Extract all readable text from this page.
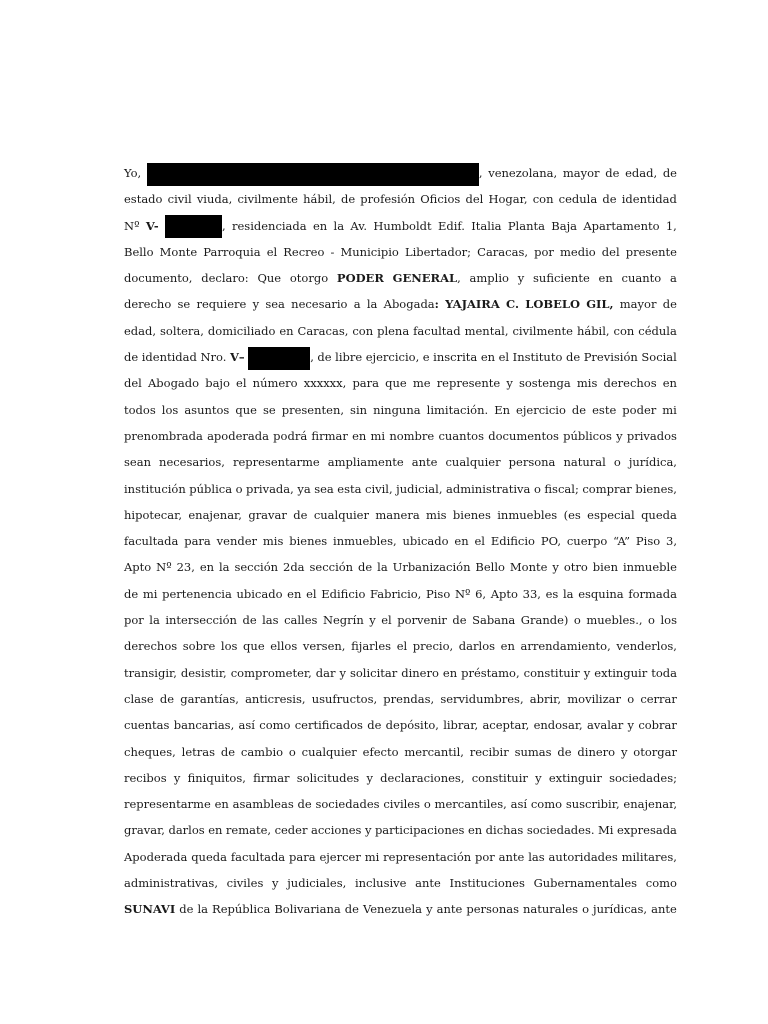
Yo,	, venezolana, mayor de edad, de
estado civil viuda, civilmente hábil, de profesión Oficios del Hogar, con cedula de identidad
Nº V-	, residenciada en la Av. Humboldt Edif. Italia Planta Baja Apartamento 1,
Bello Monte Parroquia el Recreo - Municipio Libertador; Caracas, por medio del presente
documento, declaro: Que otorgo PODER GENERAL, amplio y suficiente en cuanto a
derecho se requiere y sea necesario a la Abogada: YAJAIRA C. LOBELO GIL, mayor de
edad, soltera, domiciliado en Caracas, con plena facultad mental, civilmente hábil, con cédula
de identidad Nro. V–	, de libre ejercicio, e inscrita en el Instituto de Previsión Social
del Abogado bajo el número xxxxxx, para que me represente y sostenga mis derechos en
todos los asuntos que se presenten, sin ninguna limitación. En ejercicio de este poder mi
prenombrada apoderada podrá firmar en mi nombre cuantos documentos públicos y privados
sean necesarios, representarme ampliamente ante cualquier persona natural o jurídica,
institución pública o privada, ya sea esta civil, judicial, administrativa o fiscal; comprar bienes,
hipotecar, enajenar, gravar de cualquier manera mis bienes inmuebles (es especial queda
facultada para vender mis bienes inmuebles, ubicado en el Edificio PO, cuerpo “A” Piso 3,
Apto Nº 23, en la sección 2da sección de la Urbanización Bello Monte y otro bien inmueble
de mi pertenencia ubicado en el Edificio Fabricio, Piso Nº 6, Apto 33, es la esquina formada
por la intersección de las calles Negrín y el porvenir de Sabana Grande) o muebles., o los
derechos sobre los que ellos versen, fijarles el precio, darlos en arrendamiento, venderlos,
transigir, desistir, comprometer, dar y solicitar dinero en préstamo, constituir y extinguir toda
clase de garantías, anticresis, usufructos, prendas, servidumbres, abrir, movilizar o cerrar
cuentas bancarias, así como certificados de depósito, librar, aceptar, endosar, avalar y cobrar
cheques, letras de cambio o cualquier efecto mercantil, recibir sumas de dinero y otorgar
recibos y finiquitos, firmar solicitudes y declaraciones, constituir y extinguir sociedades;
representarme en asambleas de sociedades civiles o mercantiles, así como suscribir, enajenar,
gravar, darlos en remate, ceder acciones y participaciones en dichas sociedades. Mi expresada
Apoderada queda facultada para ejercer mi representación por ante las autoridades militares,
administrativas, civiles y judiciales, inclusive ante Instituciones Gubernamentales como
SUNAVI de la República Bolivariana de Venezuela y ante personas naturales o jurídicas, ante
